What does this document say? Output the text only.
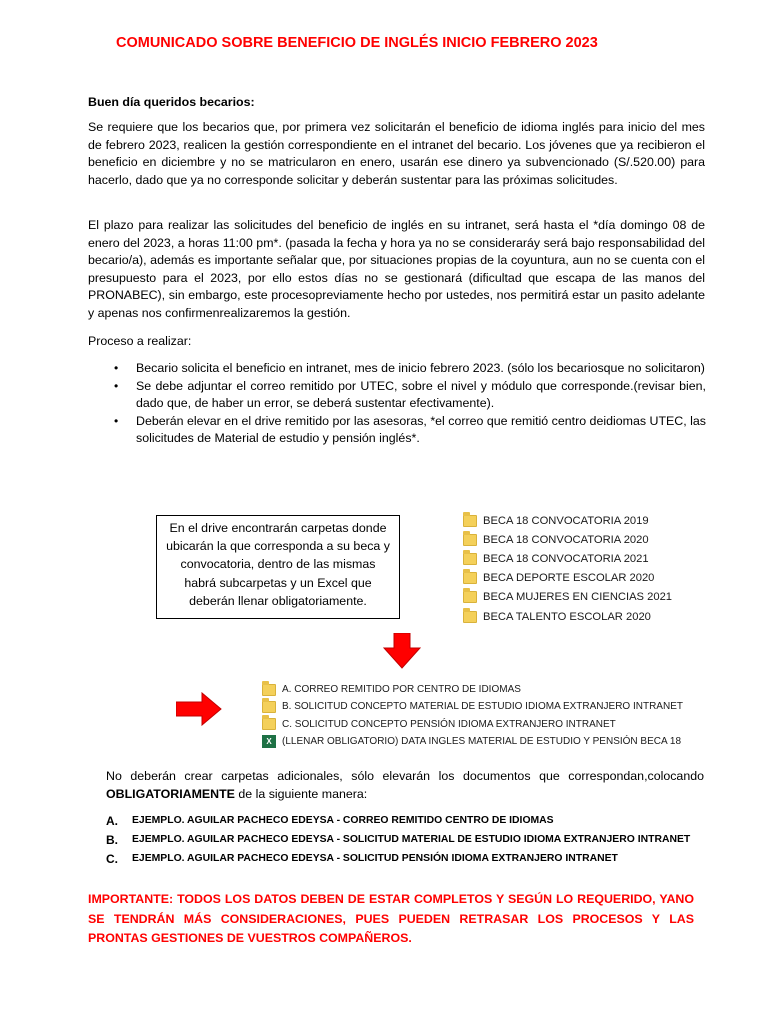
COMUNICADO SOBRE BENEFICIO DE INGLÉS INICIO FEBRERO 2023

Buen día queridos becarios:

Se requiere que los becarios que, por primera vez solicitarán el beneficio de idioma inglés para inicio del mes de febrero 2023, realicen la gestión correspondiente en el intranet del becario. Los jóvenes que ya recibieron el beneficio en diciembre y no se matricularon en enero, usarán ese dinero ya subvencionado (S/.520.00) para hacerlo, dado que ya no corresponde solicitar y deberán sustentar para las próximas solicitudes.

El plazo para realizar las solicitudes del beneficio de inglés en su intranet, será hasta el *día domingo 08 de enero del 2023, a horas 11:00 pm*. (pasada la fecha y hora ya no se consideraráy será bajo responsabilidad del becario/a), además es importante señalar que, por situaciones propias de la coyuntura, aun no se cuenta con el presupuesto para el 2023, por ello estos días no se gestionará (dificultad que escapa de las manos del PRONABEC), sin embargo, este procesopreviamente hecho por ustedes, nos permitirá estar un pasito adelante y apenas nos confirmenrealizaremos la gestión.

Proceso a realizar:

• Becario solicita el beneficio en intranet, mes de inicio febrero 2023. (sólo los becariosque no solicitaron)
• Se debe adjuntar el correo remitido por UTEC, sobre el nivel y módulo que corresponde.(revisar bien, dado que, de haber un error, se deberá sustentar efectivamente).
• Deberán elevar en el drive remitido por las asesoras, *el correo que remitió centro deidiomas UTEC, las solicitudes de Material de estudio y pensión inglés*.
En el drive encontrarán carpetas donde ubicarán la que corresponda a su beca y convocatoria, dentro de las mismas habrá subcarpetas y un Excel que deberán llenar obligatoriamente.
BECA 18 CONVOCATORIA 2019
BECA 18 CONVOCATORIA 2020
BECA 18 CONVOCATORIA 2021
BECA DEPORTE ESCOLAR 2020
BECA MUJERES EN CIENCIAS 2021
BECA TALENTO ESCOLAR 2020
A. CORREO REMITIDO POR CENTRO DE IDIOMAS
B. SOLICITUD CONCEPTO MATERIAL DE ESTUDIO IDIOMA EXTRANJERO INTRANET
C. SOLICITUD CONCEPTO PENSIÓN IDIOMA EXTRANJERO INTRANET
X	(LLENAR OBLIGATORIO) DATA INGLES MATERIAL DE ESTUDIO Y PENSIÓN BECA 18

No deberán crear carpetas adicionales, sólo elevarán los documentos que correspondan,colocando OBLIGATORIAMENTE de la siguiente manera:

A.	EJEMPLO. AGUILAR PACHECO EDEYSA - CORREO REMITIDO CENTRO DE IDIOMAS
B.	EJEMPLO. AGUILAR PACHECO EDEYSA - SOLICITUD MATERIAL DE ESTUDIO IDIOMA EXTRANJERO INTRANET
C.	EJEMPLO. AGUILAR PACHECO EDEYSA - SOLICITUD PENSIÓN IDIOMA EXTRANJERO INTRANET

IMPORTANTE: TODOS LOS DATOS DEBEN DE ESTAR COMPLETOS Y SEGÚN LO REQUERIDO, YANO SE TENDRÁN MÁS CONSIDERACIONES, PUES PUEDEN RETRASAR LOS PROCESOS Y LAS PRONTAS GESTIONES DE VUESTROS COMPAÑEROS.
